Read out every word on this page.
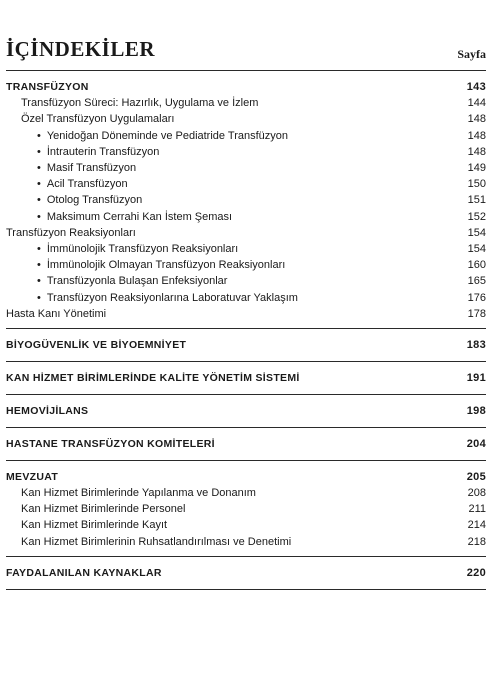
İÇİNDEKİLER	Sayfa
TRANSFÜZYON	143
Transfüzyon Süreci: Hazırlık, Uygulama ve İzlem	144
Özel Transfüzyon Uygulamaları	148
• Yenidoğan Döneminde ve Pediatride Transfüzyon	148
• İntrauterin Transfüzyon	148
• Masif Transfüzyon	149
• Acil Transfüzyon	150
• Otolog Transfüzyon	151
• Maksimum Cerrahi Kan İstem Şeması	152
Transfüzyon Reaksiyonları	154
• İmmünolojik Transfüzyon Reaksiyonları	154
• İmmünolojik Olmayan Transfüzyon Reaksiyonları	160
• Transfüzyonla Bulaşan Enfeksiyonlar	165
• Transfüzyon Reaksiyonlarına Laboratuvar Yaklaşım	176
Hasta Kanı Yönetimi	178
BİYOGÜVENLİK VE BİYOEMNİYET	183
KAN HİZMET BİRİMLERİNDE KALİTE YÖNETİM SİSTEMİ	191
HEMOVİJİLANS	198
HASTANE TRANSFÜZYON KOMİTELERİ	204
MEVZUAT	205
Kan Hizmet Birimlerinde Yapılanma ve Donanım	208
Kan Hizmet Birimlerinde Personel	211
Kan Hizmet Birimlerinde Kayıt	214
Kan Hizmet Birimlerinin Ruhsatlandırılması ve Denetimi	218
FAYDALANILAN KAYNAKLAR	220
